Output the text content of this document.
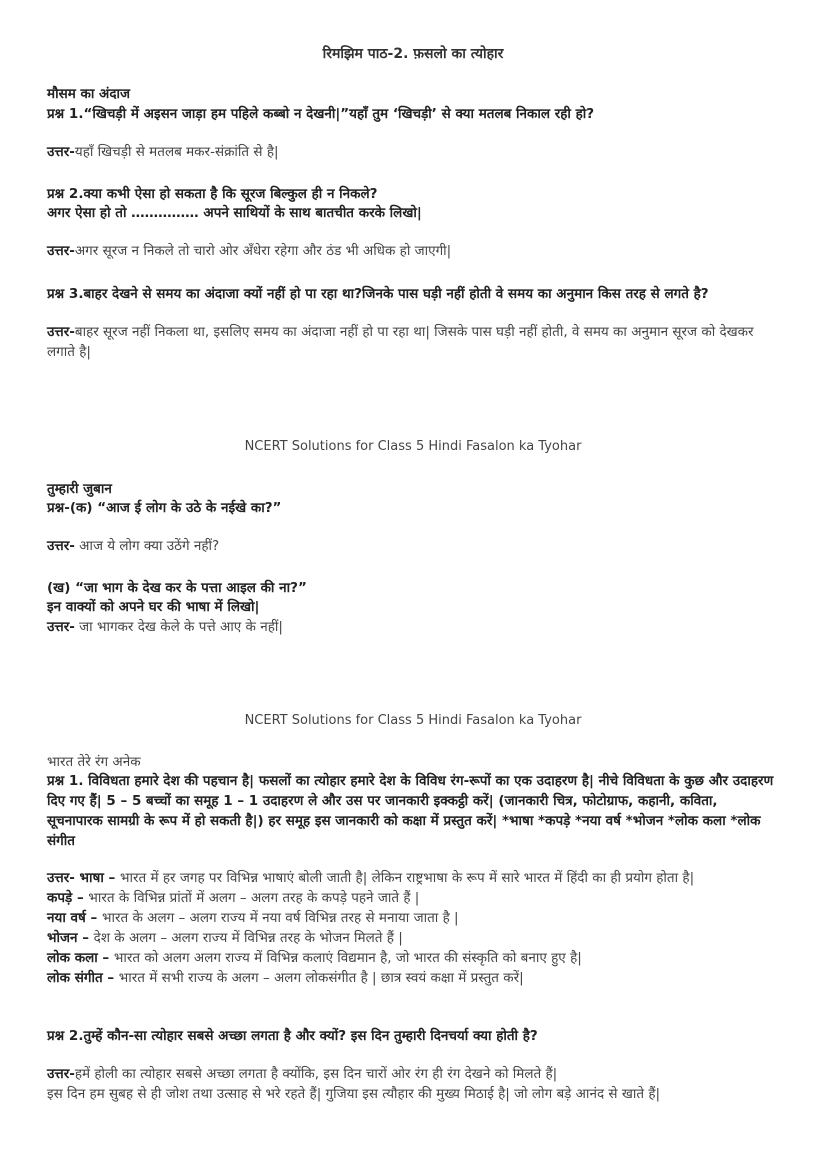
रिमझिम पाठ-2. फ़सलो का त्योहार
मौसम का अंदाज
प्रश्न 1.“खिचड़ी में अइसन जाड़ा हम पहिले कब्बो न देखनी|”यहाँ तुम ‘खिचड़ी’ से क्या मतलब निकाल रही हो?
उत्तर-यहाँ खिचड़ी से मतलब मकर-संक्रांति से है|
प्रश्न 2.क्या कभी ऐसा हो सकता है कि सूरज बिल्कुल ही न निकले?
अगर ऐसा हो तो …………… अपने साथियों के साथ बातचीत करके लिखो|
उत्तर-अगर सूरज न निकले तो चारो ओर अँधेरा रहेगा और ठंड भी अधिक हो जाएगी|
प्रश्न 3.बाहर देखने से समय का अंदाजा क्यों नहीं हो पा रहा था?जिनके पास घड़ी नहीं होती वे समय का अनुमान किस तरह से लगते है?
उत्तर-बाहर सूरज नहीं निकला था, इसलिए समय का अंदाजा नहीं हो पा रहा था| जिसके पास घड़ी नहीं होती, वे समय का अनुमान सूरज को देखकर लगाते है|
NCERT Solutions for Class 5 Hindi Fasalon ka Tyohar
तुम्हारी जुबान
प्रश्न-(क) “आज ई लोग के उठे के नईखे का?”
उत्तर- आज ये लोग क्या उठेंगे नहीं?
(ख) “जा भाग के देख कर के पत्ता आइल की ना?”
इन वाक्यों को अपने घर की भाषा में लिखो|
उत्तर- जा भागकर देख केले के पत्ते आए के नहीं|
NCERT Solutions for Class 5 Hindi Fasalon ka Tyohar
भारत तेरे रंग अनेक
प्रश्न 1. विविधता हमारे देश की पहचान है| फसलों का त्योहार हमारे देश के विविध रंग-रूपों का एक उदाहरण है| नीचे विविधता के कुछ और उदाहरण दिए गए हैं| 5 – 5 बच्चों का समूह 1 – 1 उदाहरण ले और उस पर जानकारी इक्कट्ठी करें| (जानकारी चित्र, फोटोग्राफ, कहानी, कविता, सूचनापारक सामग्री के रूप में हो सकती है|) हर समूह इस जानकारी को कक्षा में प्रस्तुत करें| *भाषा *कपड़े *नया वर्ष *भोजन *लोक कला *लोक संगीत

उत्तर- भाषा – भारत में हर जगह पर विभिन्न भाषाएं बोली जाती है| लेकिन राष्ट्रभाषा के रूप में सारे भारत में हिंदी का ही प्रयोग होता है|

कपड़े – भारत के विभिन्न प्रांतों में अलग – अलग तरह के कपड़े पहने जाते हैं |

नया वर्ष – भारत के अलग – अलग राज्य में नया वर्ष विभिन्न तरह से मनाया जाता है |

भोजन – देश के अलग – अलग राज्य में विभिन्न तरह के भोजन मिलते हैं |

लोक कला – भारत को अलग अलग राज्य में विभिन्न कलाएं विद्यमान है, जो भारत की संस्कृति को बनाए हुए है|

लोक संगीत – भारत में सभी राज्य के अलग – अलग लोकसंगीत है | छात्र स्वयं कक्षा में प्रस्तुत करें|

प्रश्न 2.तुम्हें कौन-सा त्योहार सबसे अच्छा लगता है और क्यों? इस दिन तुम्हारी दिनचर्या क्या होती है?

उत्तर-हमें होली का त्योहार सबसे अच्छा लगता है क्योंकि, इस दिन चारों ओर रंग ही रंग देखने को मिलते हैं|

इस दिन हम सुबह से ही जोश तथा उत्साह से भरे रहते हैं| गुजिया इस त्यौहार की मुख्य मिठाई है| जो लोग बड़े आनंद से खाते हैं|
